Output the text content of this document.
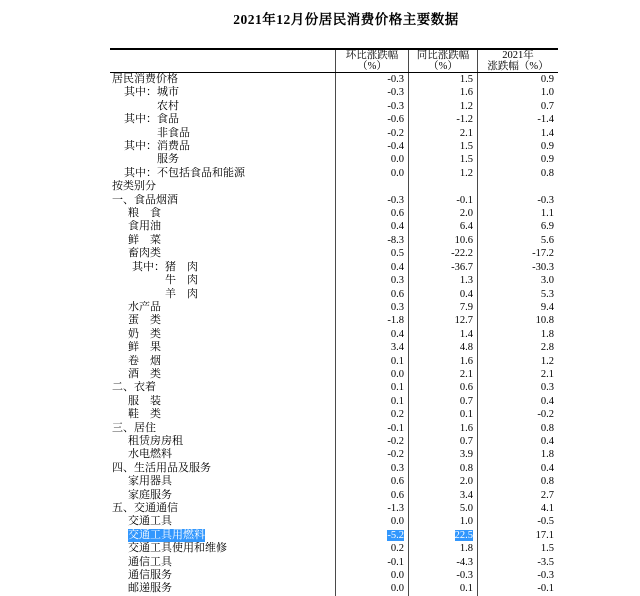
2021年12月份居民消费价格主要数据
环比涨跌幅
（%）
同比涨跌幅
（%）
2021年
涨跌幅（%）
居民消费价格	-0.3	1.5	0.9
其中：城市	-0.3	1.6	1.0
农村	-0.3	1.2	0.7
其中：食品	-0.6	-1.2	-1.4
非食品	-0.2	2.1	1.4
其中：消费品	-0.4	1.5	0.9
服务	0.0	1.5	0.9
其中：不包括食品和能源	0.0	1.2	0.8
按类别分
一、食品烟酒	-0.3	-0.1	-0.3
粮　食	0.6	2.0	1.1
食用油	0.4	6.4	6.9
鲜　菜	-8.3	10.6	5.6
畜肉类	0.5	-22.2	-17.2
其中：猪　肉	0.4	-36.7	-30.3
牛　肉	0.3	1.3	3.0
羊　肉	0.6	0.4	5.3
水产品	0.3	7.9	9.4
蛋　类	-1.8	12.7	10.8
奶　类	0.4	1.4	1.8
鲜　果	3.4	4.8	2.8
卷　烟	0.1	1.6	1.2
酒　类	0.0	2.1	2.1
二、衣着	0.1	0.6	0.3
服　装	0.1	0.7	0.4
鞋　类	0.2	0.1	-0.2
三、居住	-0.1	1.6	0.8
租赁房房租	-0.2	0.7	0.4
水电燃料	-0.2	3.9	1.8
四、生活用品及服务	0.3	0.8	0.4
家用器具	0.6	2.0	0.8
家庭服务	0.6	3.4	2.7
五、交通通信	-1.3	5.0	4.1
交通工具	0.0	1.0	-0.5
交通工具用燃料	-5.2	22.5	17.1
交通工具使用和维修	0.2	1.8	1.5
通信工具	-0.1	-4.3	-3.5
通信服务	0.0	-0.3	-0.3
邮递服务	0.0	0.1	-0.1
